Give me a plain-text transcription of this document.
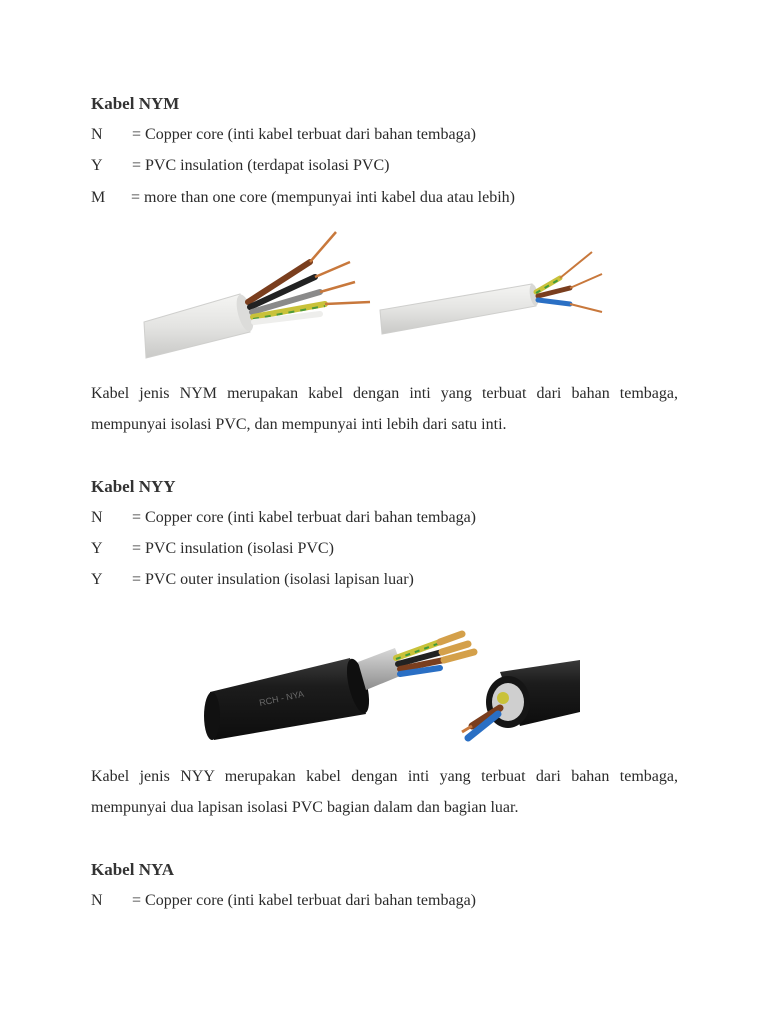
Kabel NYM
N = Copper core (inti kabel terbuat dari bahan tembaga)
Y = PVC insulation (terdapat isolasi PVC)
M = more than one core (mempunyai inti kabel dua atau lebih)
Kabel jenis NYM merupakan kabel dengan inti yang terbuat dari bahan tembaga,
mempunyai isolasi PVC, dan mempunyai inti lebih dari satu inti.
Kabel NYY
N = Copper core (inti kabel terbuat dari bahan tembaga)
Y = PVC insulation (isolasi PVC)
Y = PVC outer insulation (isolasi lapisan luar)
RCH - NYA
Kabel jenis NYY merupakan kabel dengan inti yang terbuat dari bahan tembaga,
mempunyai dua lapisan isolasi PVC bagian dalam dan bagian luar.
Kabel NYA
N = Copper core (inti kabel terbuat dari bahan tembaga)
